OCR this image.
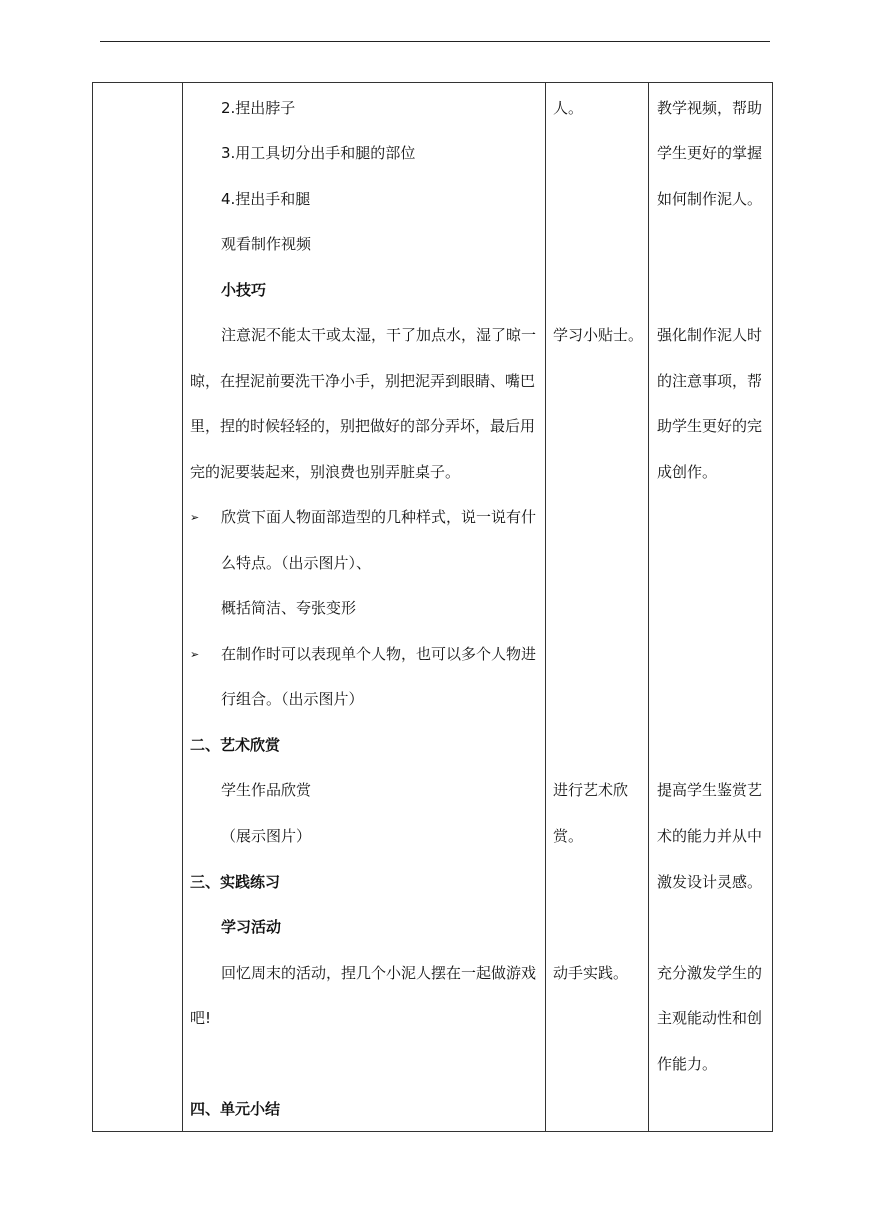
2.捏出脖子
3.用工具切分出手和腿的部位
4.捏出手和腿
观看制作视频
小技巧
注意泥不能太干或太湿，干了加点水，湿了晾一
晾，在捏泥前要洗干净小手，别把泥弄到眼睛、嘴巴
里，捏的时候轻轻的，别把做好的部分弄坏，最后用
完的泥要装起来，别浪费也别弄脏桌子。
➢ 欣赏下面人物面部造型的几种样式，说一说有什
么特点。（出示图片）、
概括简洁、夸张变形
➢ 在制作时可以表现单个人物，也可以多个人物进
行组合。（出示图片）
二、艺术欣赏
学生作品欣赏
（展示图片）
三、实践练习
学习活动
回忆周末的活动，捏几个小泥人摆在一起做游戏
吧!
四、单元小结
人。
学习小贴士。
进行艺术欣
赏。
动手实践。
教学视频，帮助
学生更好的掌握
如何制作泥人。
强化制作泥人时
的注意事项，帮
助学生更好的完
成创作。
提高学生鉴赏艺
术的能力并从中
激发设计灵感。
充分激发学生的
主观能动性和创
作能力。
